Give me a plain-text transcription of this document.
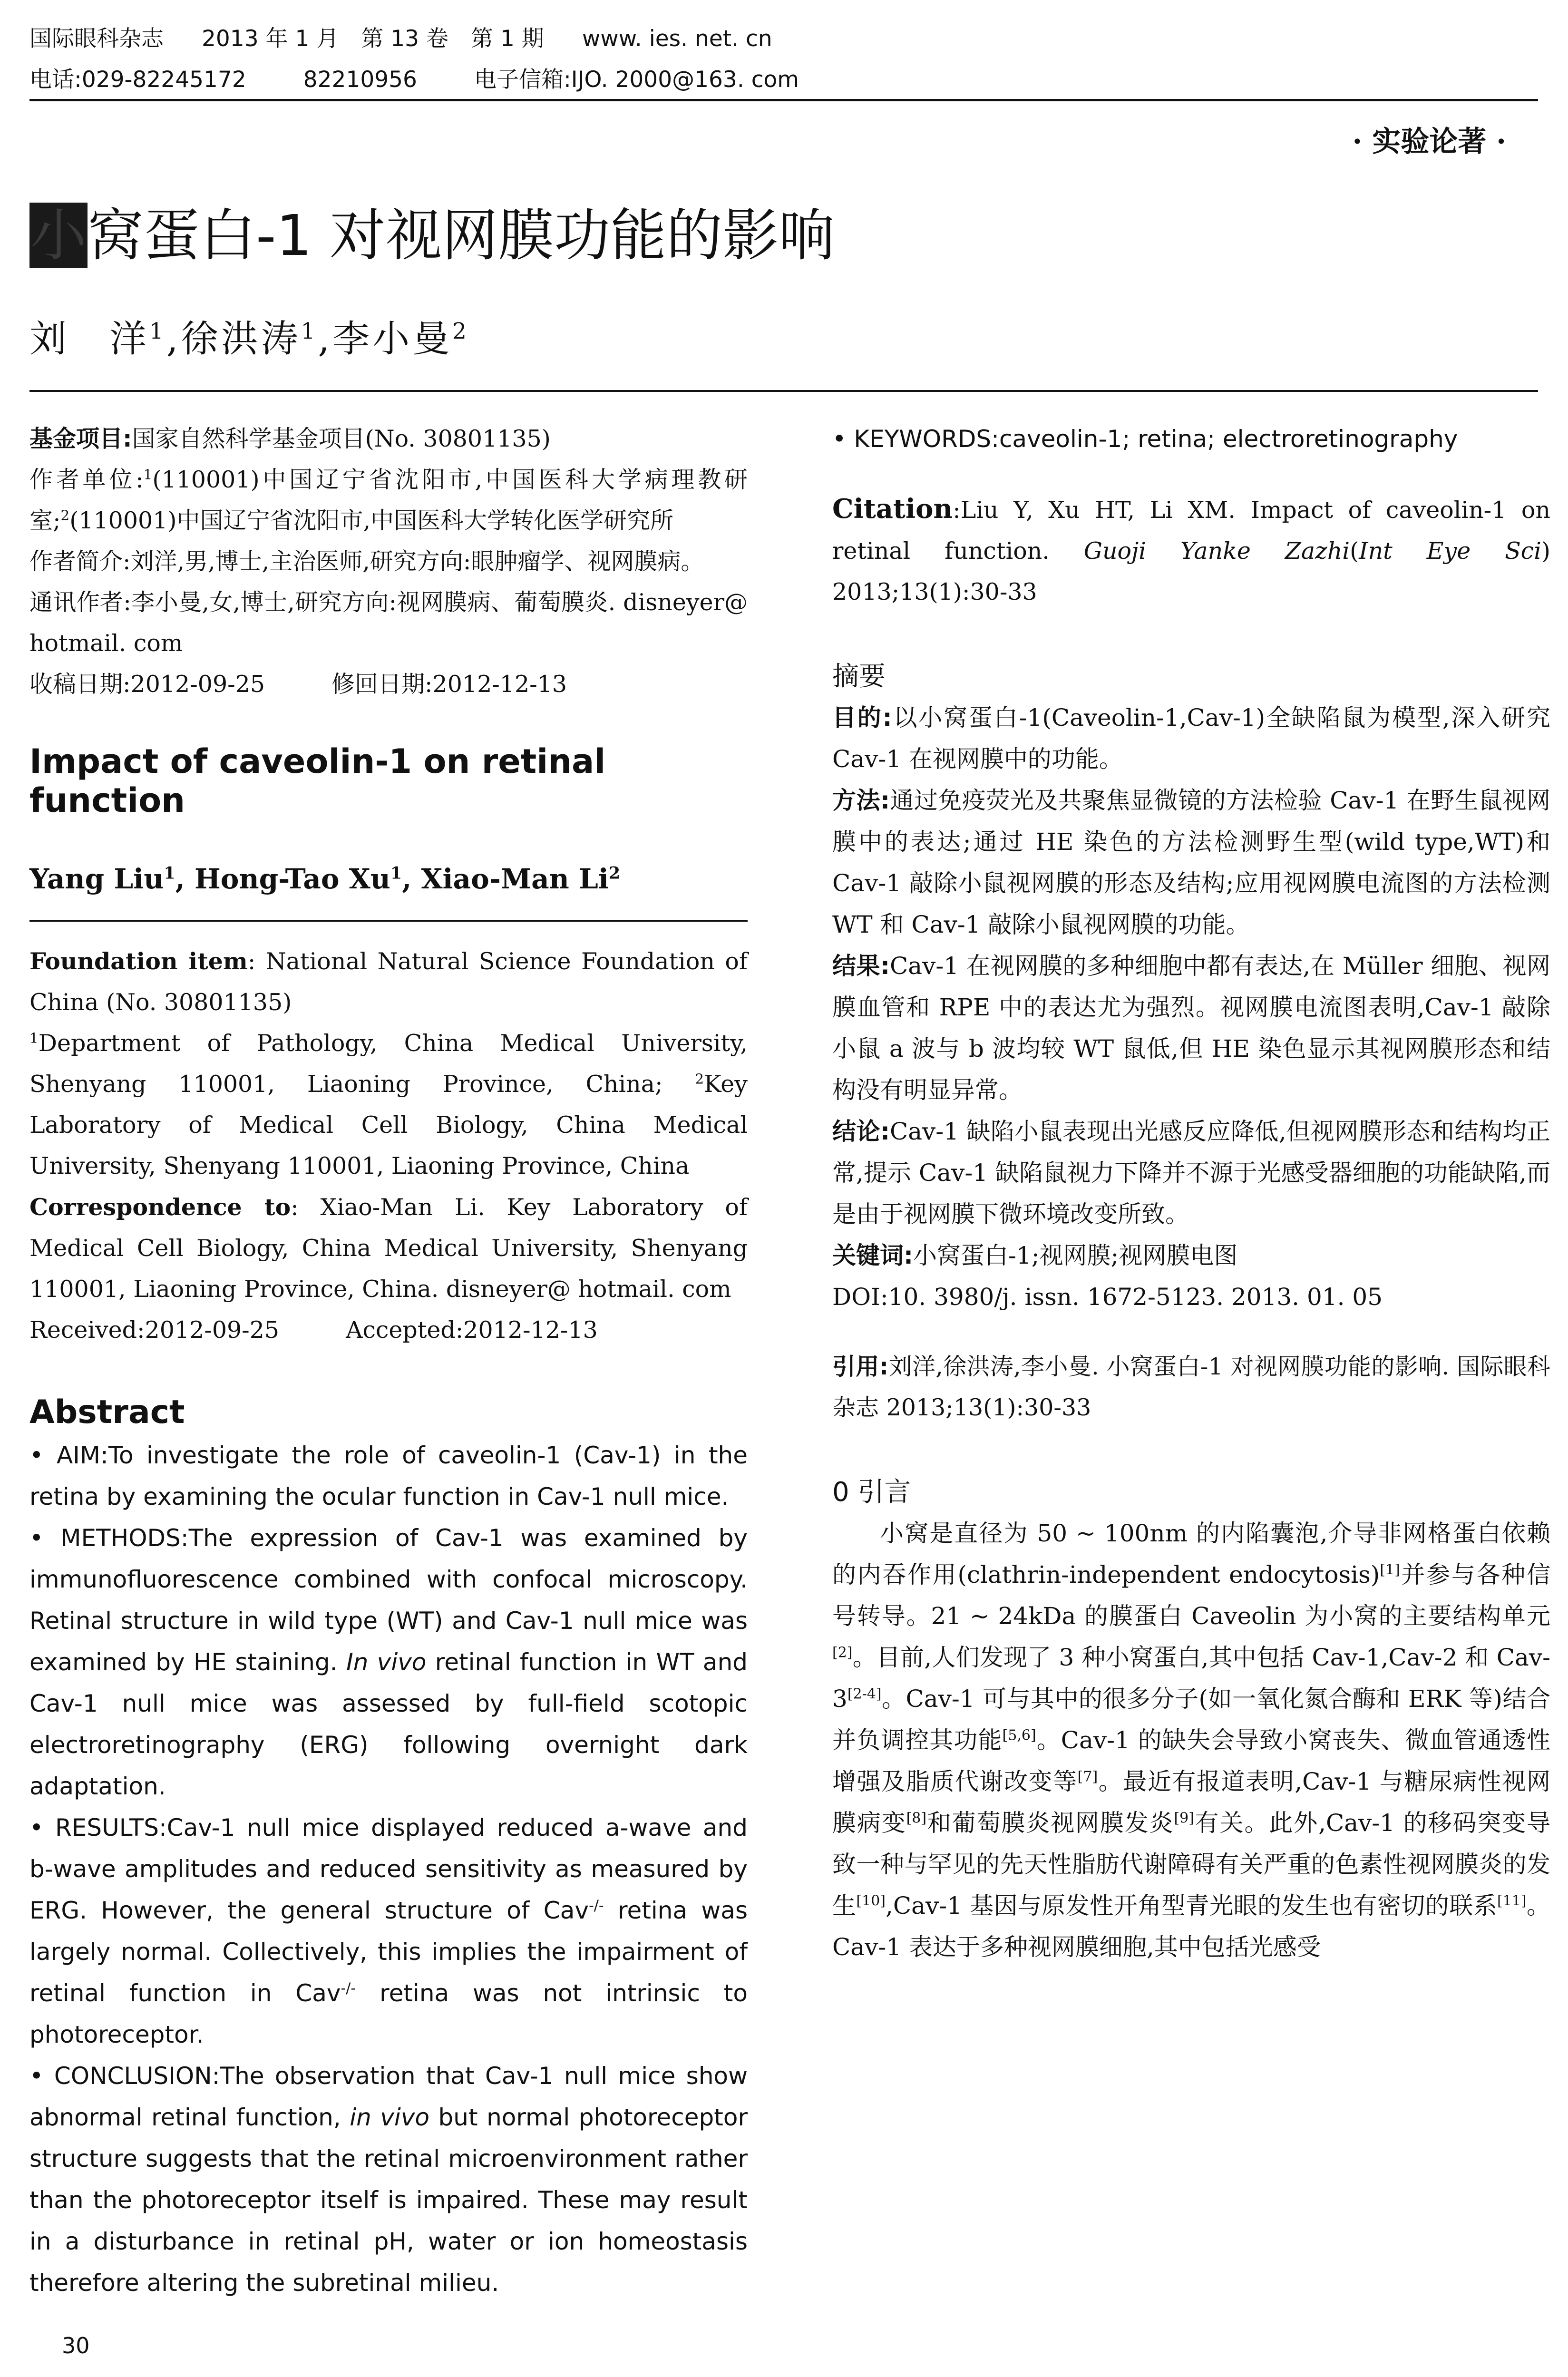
国际眼科杂志 2013 年 1 月　第 13 卷　第 1 期 www. ies. net. cn
电话:029-82245172	82210956	电子信箱:IJO. 2000@163. com
· 实验论著 ·
小窝蛋白-1 对视网膜功能的影响
刘　洋$^1$,徐洪涛$^1$,李小曼$^2$

基金项目:国家自然科学基金项目(No. 30801135)

作者单位:$^1$(110001)中国辽宁省沈阳市,中国医科大学病理教研室;$^2$(110001)中国辽宁省沈阳市,中国医科大学转化医学研究所

作者简介:刘洋,男,博士,主治医师,研究方向:眼肿瘤学、视网膜病。

通讯作者:李小曼,女,博士,研究方向:视网膜病、葡萄膜炎. disneyer@ hotmail. com

收稿日期:2012-09-25	修回日期:2012-12-13

Impact of caveolin-1 on retinal function
Yang Liu$^1$, Hong-Tao Xu$^1$, Xiao-Man Li$^2$

Foundation item: National Natural Science Foundation of China (No. 30801135)

$^1$Department of Pathology, China Medical University, Shenyang 110001, Liaoning Province, China; $^2$Key Laboratory of Medical Cell Biology, China Medical University, Shenyang 110001, Liaoning Province, China

Correspondence to: Xiao-Man Li. Key Laboratory of Medical Cell Biology, China Medical University, Shenyang 110001, Liaoning Province, China. disneyer@ hotmail. com

Received:2012-09-25	Accepted:2012-12-13

Abstract

• AIM:To investigate the role of caveolin-1 (Cav-1) in the retina by examining the ocular function in Cav-1 null mice.

• METHODS:The expression of Cav-1 was examined by immunofluorescence combined with confocal microscopy. Retinal structure in wild type (WT) and Cav-1 null mice was examined by HE staining. In vivo retinal function in WT and Cav-1 null mice was assessed by full-field scotopic electroretinography (ERG) following overnight dark adaptation.

• RESULTS:Cav-1 null mice displayed reduced a-wave and b-wave amplitudes and reduced sensitivity as measured by ERG. However, the general structure of Cav-/- retina was largely normal. Collectively, this implies the impairment of retinal function in Cav-/- retina was not intrinsic to photoreceptor.

• CONCLUSION:The observation that Cav-1 null mice show abnormal retinal function, in vivo but normal photoreceptor structure suggests that the retinal microenvironment rather than the photoreceptor itself is impaired. These may result in a disturbance in retinal pH, water or ion homeostasis therefore altering the subretinal milieu.

• KEYWORDS:caveolin-1; retina; electroretinography

Citation:Liu Y, Xu HT, Li XM. Impact of caveolin-1 on retinal function. Guoji Yanke Zazhi(Int Eye Sci) 2013;13(1):30-33

摘要

目的:以小窝蛋白-1(Caveolin-1,Cav-1)全缺陷鼠为模型,深入研究 Cav-1 在视网膜中的功能。

方法:通过免疫荧光及共聚焦显微镜的方法检验 Cav-1 在野生鼠视网膜中的表达;通过 HE 染色的方法检测野生型(wild type,WT)和 Cav-1 敲除小鼠视网膜的形态及结构;应用视网膜电流图的方法检测 WT 和 Cav-1 敲除小鼠视网膜的功能。

结果:Cav-1 在视网膜的多种细胞中都有表达,在 Müller 细胞、视网膜血管和 RPE 中的表达尤为强烈。视网膜电流图表明,Cav-1 敲除小鼠 a 波与 b 波均较 WT 鼠低,但 HE 染色显示其视网膜形态和结构没有明显异常。

结论:Cav-1 缺陷小鼠表现出光感反应降低,但视网膜形态和结构均正常,提示 Cav-1 缺陷鼠视力下降并不源于光感受器细胞的功能缺陷,而是由于视网膜下微环境改变所致。

关键词:小窝蛋白-1;视网膜;视网膜电图

DOI:10. 3980/j. issn. 1672-5123. 2013. 01. 05

引用:刘洋,徐洪涛,李小曼. 小窝蛋白-1 对视网膜功能的影响. 国际眼科杂志 2013;13(1):30-33

0 引言

小窝是直径为 50 ~ 100nm 的内陷囊泡,介导非网格蛋白依赖的内吞作用(clathrin-independent endocytosis)[1]并参与各种信号转导。21 ~ 24kDa 的膜蛋白 Caveolin 为小窝的主要结构单元[2]。目前,人们发现了 3 种小窝蛋白,其中包括 Cav-1,Cav-2 和 Cav-3[2-4]。Cav-1 可与其中的很多分子(如一氧化氮合酶和 ERK 等)结合并负调控其功能[5,6]。Cav-1 的缺失会导致小窝丧失、微血管通透性增强及脂质代谢改变等[7]。最近有报道表明,Cav-1 与糖尿病性视网膜病变[8]和葡萄膜炎视网膜发炎[9]有关。此外,Cav-1 的移码突变导致一种与罕见的先天性脂肪代谢障碍有关严重的色素性视网膜炎的发生[10],Cav-1 基因与原发性开角型青光眼的发生也有密切的联系[11]。Cav-1 表达于多种视网膜细胞,其中包括光感受

30
